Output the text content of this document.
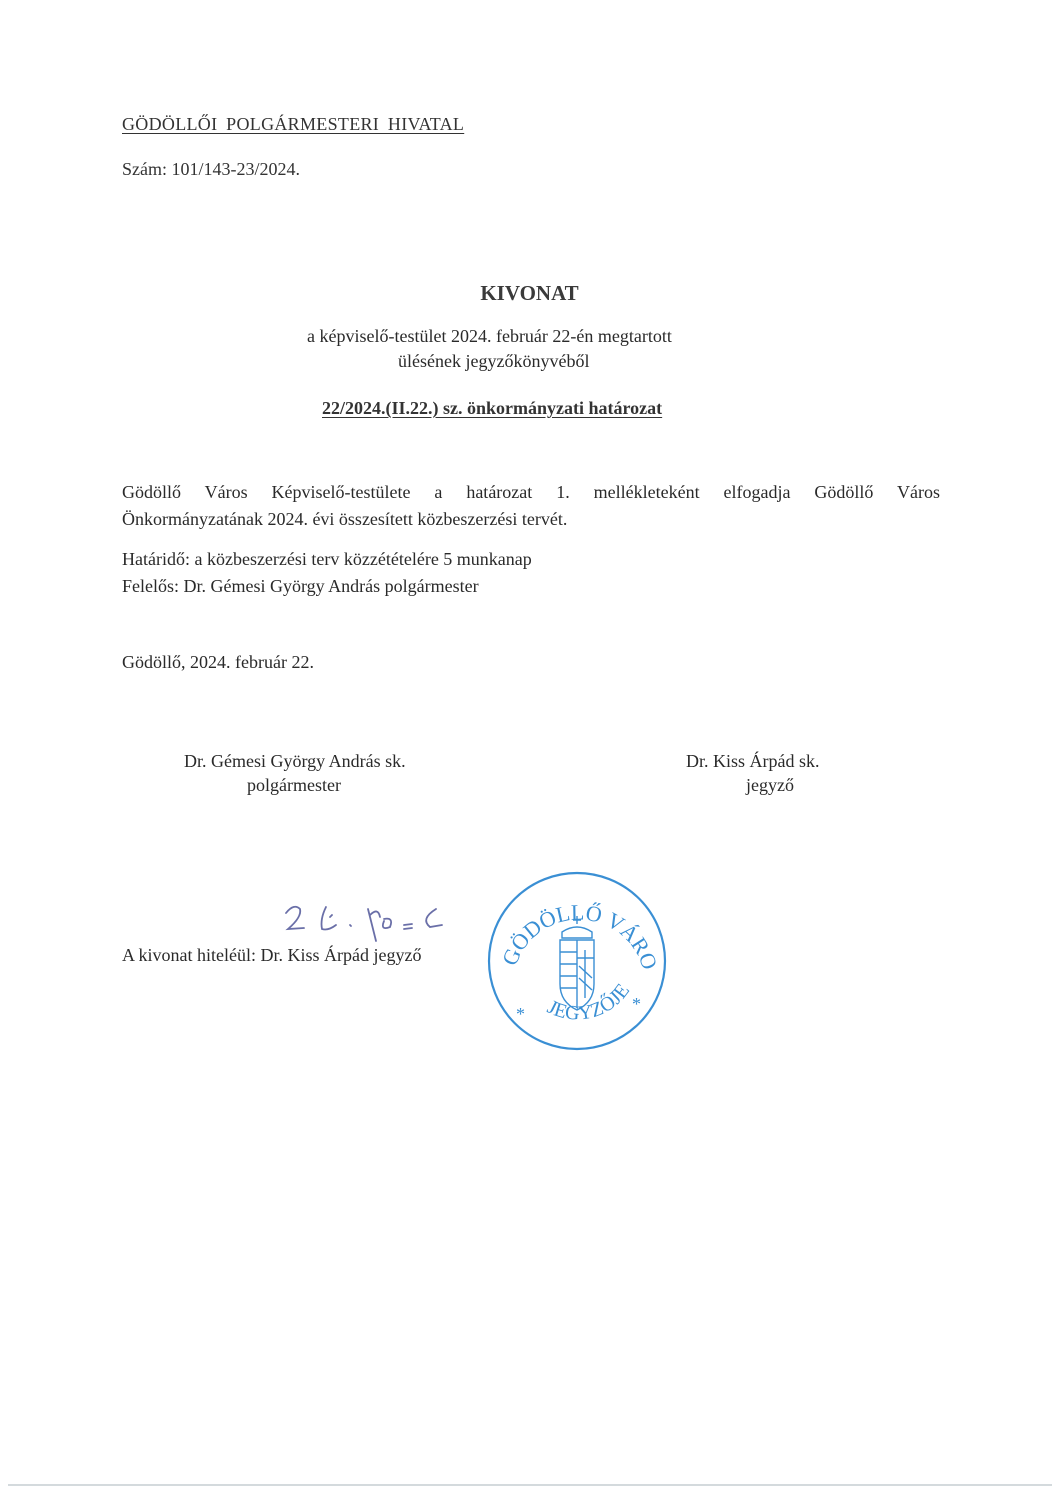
GÖDÖLLŐI POLGÁRMESTERI HIVATAL
Szám: 101/143-23/2024.
KIVONAT
a képviselő-testület 2024. február 22-én megtartott
ülésének jegyzőkönyvéből
22/2024.(II.22.) sz. önkormányzati határozat
Gödöllő Város Képviselő-testülete a határozat 1. mellékleteként elfogadja Gödöllő Város
Önkormányzatának 2024. évi összesített közbeszerzési tervét.
Határidő: a közbeszerzési terv közzétételére 5 munkanap
Felelős: Dr. Gémesi György András polgármester
Gödöllő, 2024. február 22.
Dr. Gémesi György András sk.
polgármester
Dr. Kiss Árpád sk.
jegyző
A kivonat hiteléül: Dr. Kiss Árpád jegyző	GÖDÖLLŐ VÁRO
JEGYZŐJE
*	*
